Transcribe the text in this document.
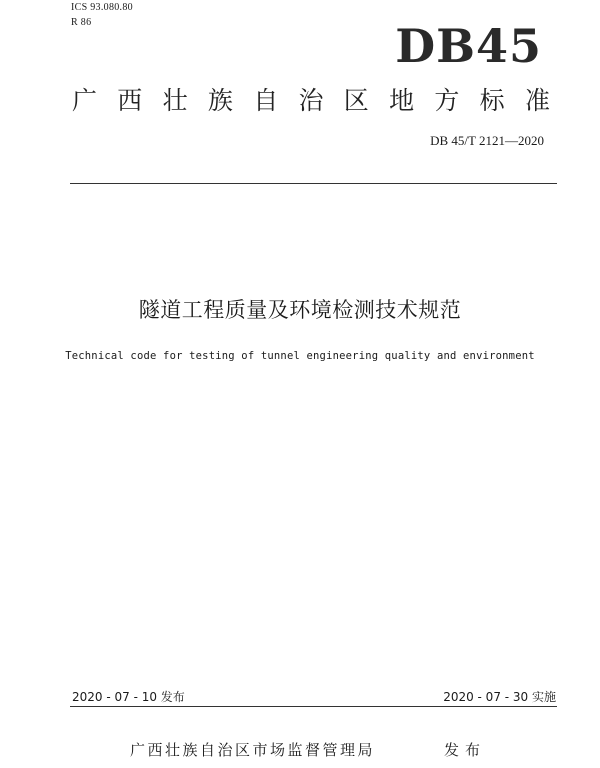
ICS 93.080.80
R 86	DB45
广 西 壮 族 自 治 区 地 方 标 准
DB 45/T 2121—2020
隧道工程质量及环境检测技术规范
Technical code for testing of tunnel engineering quality and environment
2020 - 07 - 10 发布	2020 - 07 - 30 实施
广西壮族自治区市场监督管理局	发布
